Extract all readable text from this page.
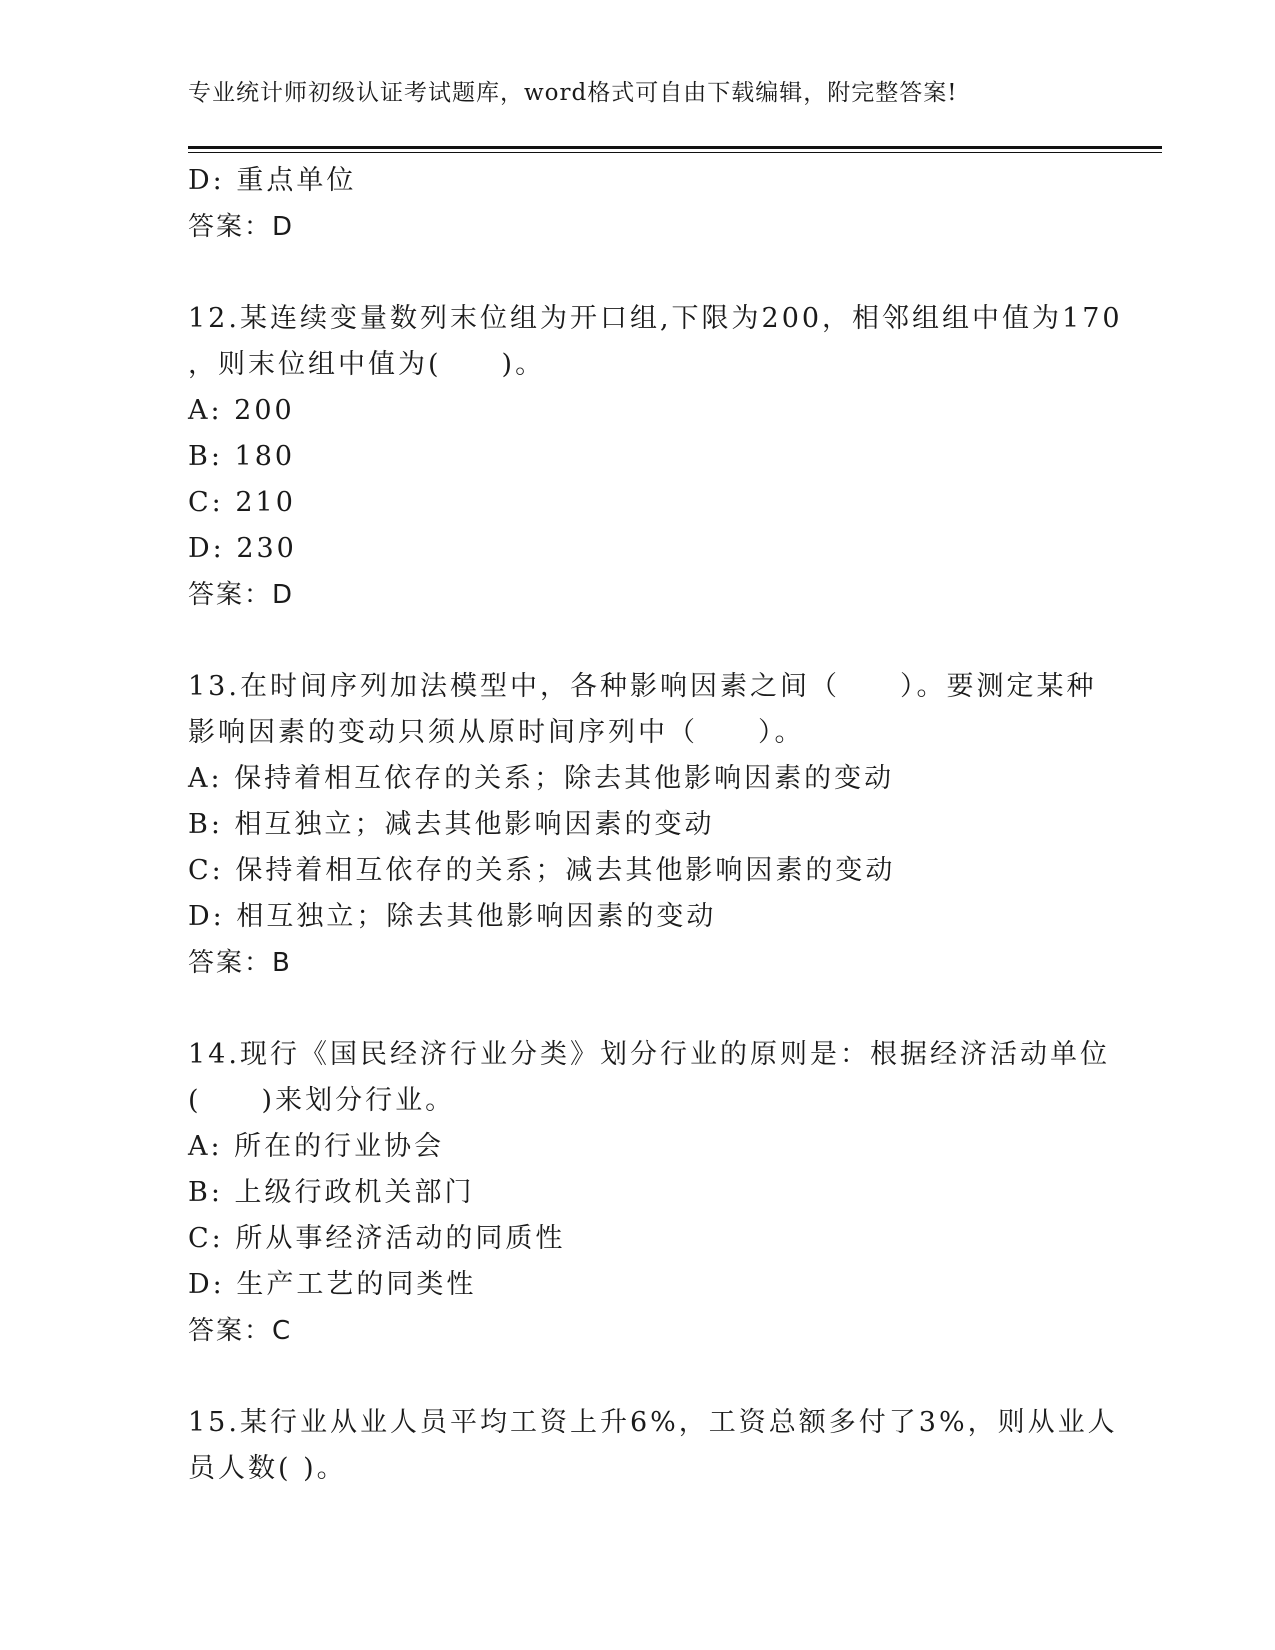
专业统计师初级认证考试题库，word格式可自由下载编辑，附完整答案!
D: 重点单位
答案：D
12.某连续变量数列末位组为开口组,下限为200，相邻组组中值为170
，则末位组中值为(　　)。
A: 200
B: 180
C: 210
D: 230
答案：D
13.在时间序列加法模型中，各种影响因素之间（　　）。要测定某种
影响因素的变动只须从原时间序列中（　　）。
A: 保持着相互依存的关系；除去其他影响因素的变动
B: 相互独立；减去其他影响因素的变动
C: 保持着相互依存的关系；减去其他影响因素的变动
D: 相互独立；除去其他影响因素的变动
答案：B
14.现行《国民经济行业分类》划分行业的原则是：根据经济活动单位
(　　)来划分行业。
A: 所在的行业协会
B: 上级行政机关部门
C: 所从事经济活动的同质性
D: 生产工艺的同类性
答案：C
15.某行业从业人员平均工资上升6%，工资总额多付了3%，则从业人
员人数( )。
